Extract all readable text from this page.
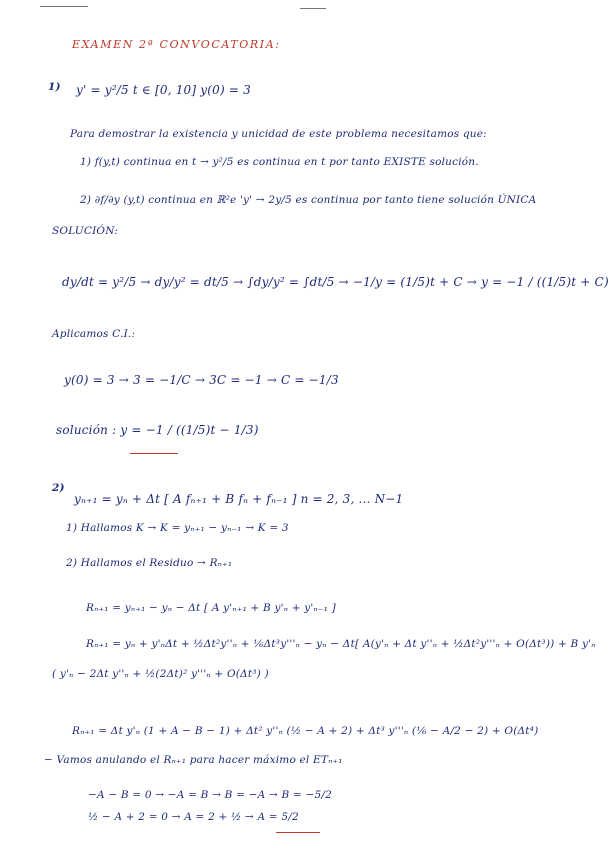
EXAMEN 2ª CONVOCATORIA:
1) y' = y²/5 t ∈ [0, 10] y(0) = 3
Para demostrar la existencia y unicidad de este problema necesitamos que:
1) f(y,t) continua en t → y²/5 es continua en t por tanto EXISTE solución.
2) ∂f/∂y (y,t) continua en ℝ²e 'y' → 2y/5 es continua por tanto tiene solución ÚNICA
SOLUCIÓN:
dy/dt = y²/5 → dy/y² = dt/5 → ∫dy/y² = ∫dt/5 → −1/y = (1/5)t + C → y = −1 / ((1/5)t + C)
Aplicamos C.I.:
y(0) = 3 → 3 = −1/C → 3C = −1 → C = −1/3
solución : y = −1 / ((1/5)t − 1/3)
2)
yₙ₊₁ = yₙ + Δt [ A fₙ₊₁ + B fₙ + fₙ₋₁ ] n = 2, 3, ... N−1
1) Hallamos K → K = yₙ₊₁ − yₙ₋₁ → K = 3
2) Hallamos el Residuo → Rₙ₊₁
Rₙ₊₁ = yₙ₊₁ − yₙ − Δt [ A y'ₙ₊₁ + B y'ₙ + y'ₙ₋₁ ]
Rₙ₊₁ = yₙ + y'ₙΔt + ½Δt²y''ₙ + ⅙Δt³y'''ₙ − yₙ − Δt[ A(y'ₙ + Δt y''ₙ + ½Δt²y'''ₙ + O(Δt³)) + B y'ₙ
( y'ₙ − 2Δt y''ₙ + ½(2Δt)² y'''ₙ + O(Δt³) )
Rₙ₊₁ = Δt y'ₙ (1 + A − B − 1) + Δt² y''ₙ (½ − A + 2) + Δt³ y'''ₙ (⅙ − A/2 − 2) + O(Δt⁴)
− Vamos anulando el Rₙ₊₁ para hacer máximo el ETₙ₊₁
−A − B = 0 → −A = B → B = −A → B = −5/2
½ − A + 2 = 0 → A = 2 + ½ → A = 5/2
